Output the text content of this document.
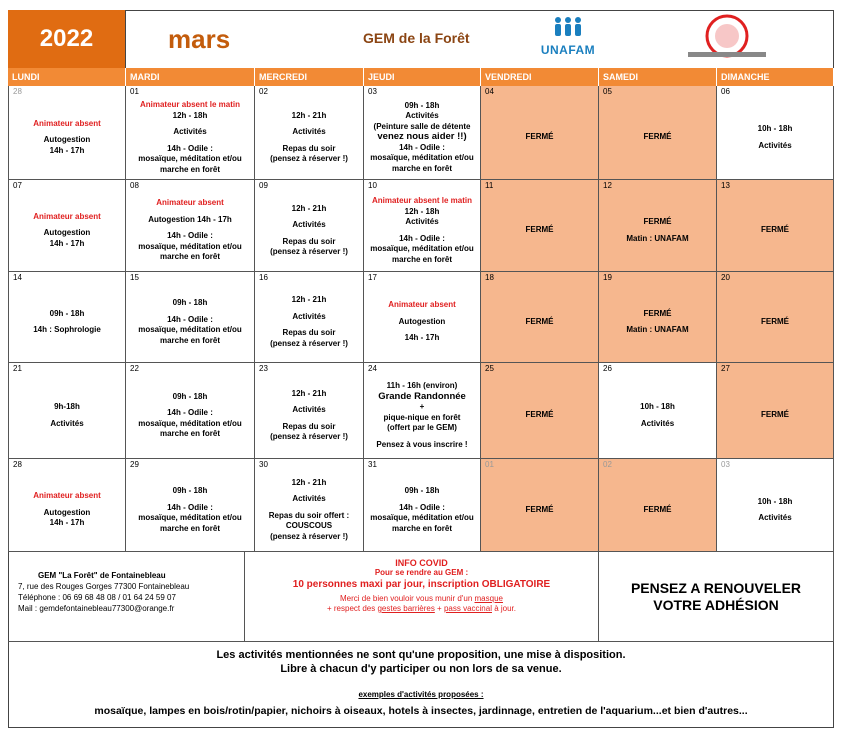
2022	mars	GEM de la Forêt
UNAFAM
LUNDI	MARDI	MERCREDI	JEUDI	VENDREDI	SAMEDI	DIMANCHE
28
Animateur absent
Autogestion
14h - 17h
01
Animateur absent le matin
12h - 18h
Activités
14h - Odile :
mosaïque, méditation et/ou
marche en forêt
02
12h - 21h
Activités
Repas du soir
(pensez à réserver !)
03
09h - 18h
Activités
(Peinture salle de détente
venez nous aider !!)
14h - Odile :
mosaïque, méditation et/ou
marche en forêt
04
FERMÉ
05
FERMÉ
06
10h - 18h
Activités
07
Animateur absent
Autogestion
14h - 17h
08
Animateur absent
Autogestion 14h - 17h
14h - Odile :
mosaïque, méditation et/ou
marche en forêt
09
12h - 21h
Activités
Repas du soir
(pensez à réserver !)
10
Animateur absent le matin
12h - 18h
Activités
14h - Odile :
mosaïque, méditation et/ou
marche en forêt
11
FERMÉ
12
FERMÉ
Matin : UNAFAM
13
FERMÉ
14
09h - 18h
14h : Sophrologie
15
09h - 18h
14h - Odile :
mosaïque, méditation et/ou
marche en forêt
16
12h - 21h
Activités
Repas du soir
(pensez à réserver !)
17
Animateur absent
Autogestion
14h - 17h
18
FERMÉ
19
FERMÉ
Matin : UNAFAM
20
FERMÉ
21
9h-18h
Activités
22
09h - 18h
14h - Odile :
mosaïque, méditation et/ou
marche en forêt
23
12h - 21h
Activités
Repas du soir
(pensez à réserver !)
24
11h - 16h (environ)
Grande Randonnée
+
pique-nique en forêt
(offert par le GEM)
Pensez à vous inscrire !
25
FERMÉ
26
10h - 18h
Activités
27
FERMÉ
28
Animateur absent
Autogestion
14h - 17h
29
09h - 18h
14h - Odile :
mosaïque, méditation et/ou
marche en forêt
30
12h - 21h
Activités
Repas du soir offert :
COUSCOUS
(pensez à réserver !)
31
09h - 18h
14h - Odile :
mosaïque, méditation et/ou
marche en forêt
01
FERMÉ
02
FERMÉ
03
10h - 18h
Activités
GEM "La Forêt" de Fontainebleau
7, rue des Rouges Gorges 77300 Fontainebleau
Téléphone : 06 69 68 48 08 / 01 64 24 59 07
Mail : gemdefontainebleau77300@orange.fr
INFO COVID
Pour se rendre au GEM :
10 personnes maxi par jour, inscription OBLIGATOIRE
Merci de bien vouloir vous munir d'un masque
+ respect des gestes barrières + pass vaccinal à jour.
PENSEZ A RENOUVELER VOTRE ADHÉSION
Les activités mentionnées ne sont qu'une proposition, une mise à disposition.
Libre à chacun d'y participer ou non lors de sa venue.
exemples d'activités proposées :
mosaïque, lampes en bois/rotin/papier, nichoirs à oiseaux, hotels à insectes, jardinnage, entretien de l'aquarium...et bien d'autres...
